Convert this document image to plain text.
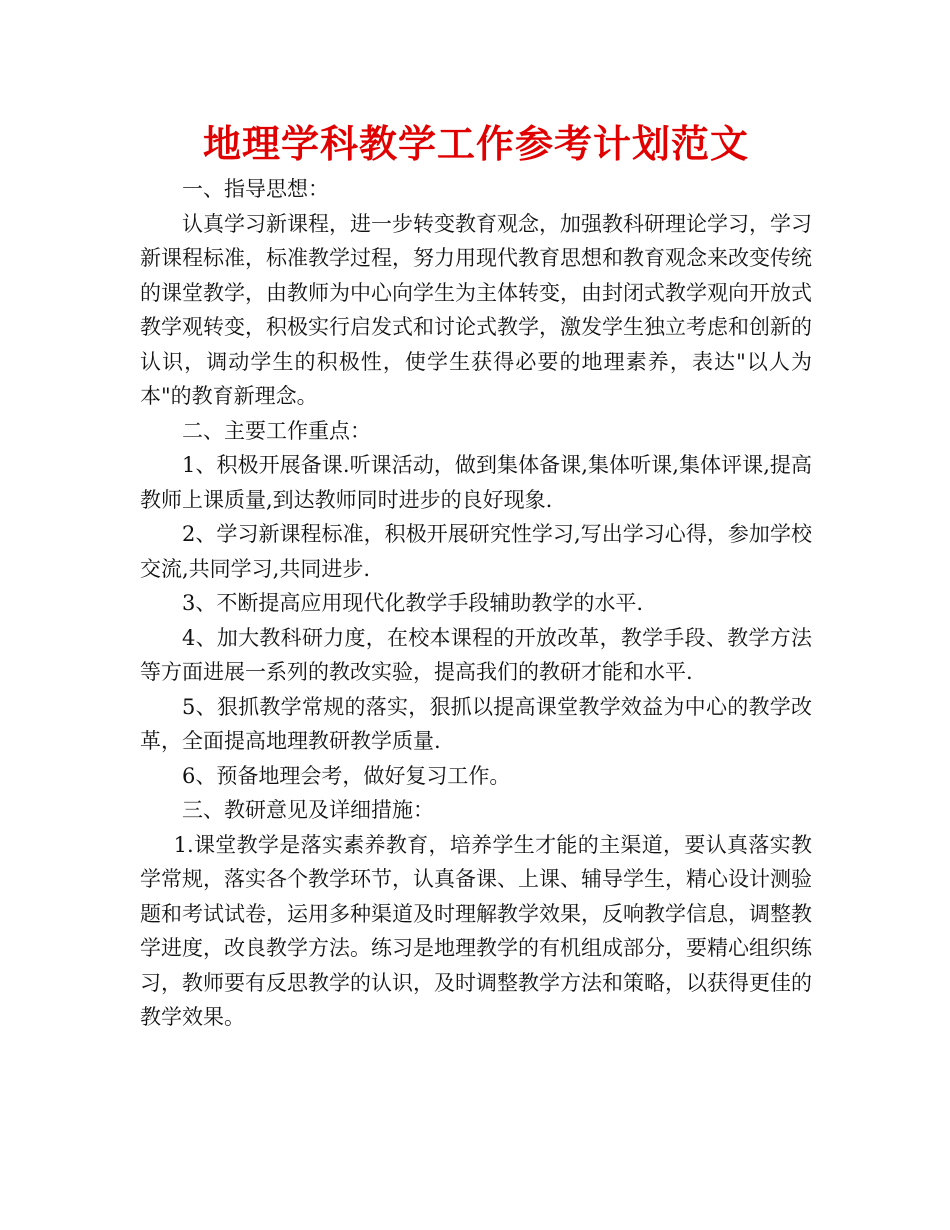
地理学科教学工作参考计划范文

一、指导思想：

认真学习新课程，进一步转变教育观念，加强教科研理论学习，学习新课程标准，标准教学过程，努力用现代教育思想和教育观念来改变传统的课堂教学，由教师为中心向学生为主体转变，由封闭式教学观向开放式教学观转变，积极实行启发式和讨论式教学，激发学生独立考虑和创新的认识，调动学生的积极性，使学生获得必要的地理素养，表达"以人为本"的教育新理念。

二、主要工作重点：

1、积极开展备课.听课活动，做到集体备课,集体听课,集体评课,提高教师上课质量,到达教师同时进步的良好现象.

2、学习新课程标准，积极开展研究性学习,写出学习心得，参加学校交流,共同学习,共同进步.

3、不断提高应用现代化教学手段辅助教学的水平.

4、加大教科研力度，在校本课程的开放改革，教学手段、教学方法等方面进展一系列的教改实验，提高我们的教研才能和水平.

5、狠抓教学常规的落实，狠抓以提高课堂教学效益为中心的教学改革，全面提高地理教研教学质量.

6、预备地理会考，做好复习工作。

三、教研意见及详细措施：

1.课堂教学是落实素养教育，培养学生才能的主渠道，要认真落实教学常规，落实各个教学环节，认真备课、上课、辅导学生，精心设计测验题和考试试卷，运用多种渠道及时理解教学效果，反响教学信息，调整教学进度，改良教学方法。练习是地理教学的有机组成部分，要精心组织练习，教师要有反思教学的认识，及时调整教学方法和策略，以获得更佳的教学效果。
